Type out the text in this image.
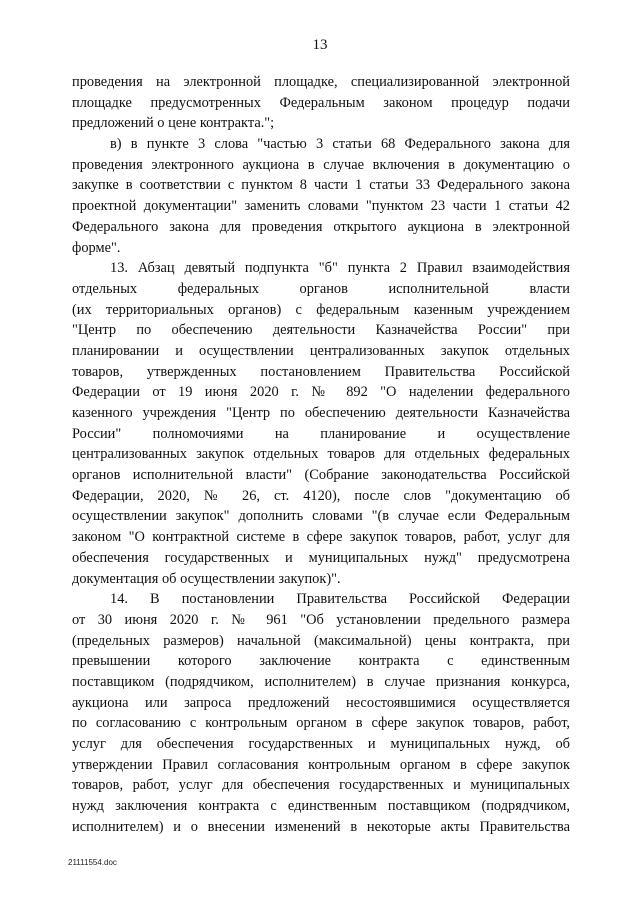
13
проведения на электронной площадке, специализированной электронной
площадке предусмотренных Федеральным законом процедур подачи
предложений о цене контракта.";
в) в пункте 3 слова "частью 3 статьи 68 Федерального закона для
проведения электронного аукциона в случае включения в документацию о
закупке в соответствии с пунктом 8 части 1 статьи 33 Федерального закона
проектной документации" заменить словами "пунктом 23 части 1 статьи 42
Федерального закона для проведения открытого аукциона в электронной
форме".
13. Абзац девятый подпункта "б" пункта 2 Правил взаимодействия
отдельных федеральных органов исполнительной власти
(их территориальных органов) с федеральным казенным учреждением
"Центр по обеспечению деятельности Казначейства России" при
планировании и осуществлении централизованных закупок отдельных
товаров, утвержденных постановлением Правительства Российской
Федерации от 19 июня 2020 г. № 892 "О наделении федерального
казенного учреждения "Центр по обеспечению деятельности Казначейства
России" полномочиями на планирование и осуществление
централизованных закупок отдельных товаров для отдельных федеральных
органов исполнительной власти" (Собрание законодательства Российской
Федерации, 2020, № 26, ст. 4120), после слов "документацию об
осуществлении закупок" дополнить словами "(в случае если Федеральным
законом "О контрактной системе в сфере закупок товаров, работ, услуг для
обеспечения государственных и муниципальных нужд" предусмотрена
документация об осуществлении закупок)".
14. В постановлении Правительства Российской Федерации
от 30 июня 2020 г. № 961 "Об установлении предельного размера
(предельных размеров) начальной (максимальной) цены контракта, при
превышении которого заключение контракта с единственным
поставщиком (подрядчиком, исполнителем) в случае признания конкурса,
аукциона или запроса предложений несостоявшимися осуществляется
по согласованию с контрольным органом в сфере закупок товаров, работ,
услуг для обеспечения государственных и муниципальных нужд, об
утверждении Правил согласования контрольным органом в сфере закупок
товаров, работ, услуг для обеспечения государственных и муниципальных
нужд заключения контракта с единственным поставщиком (подрядчиком,
исполнителем) и о внесении изменений в некоторые акты Правительства
21111554.doc
